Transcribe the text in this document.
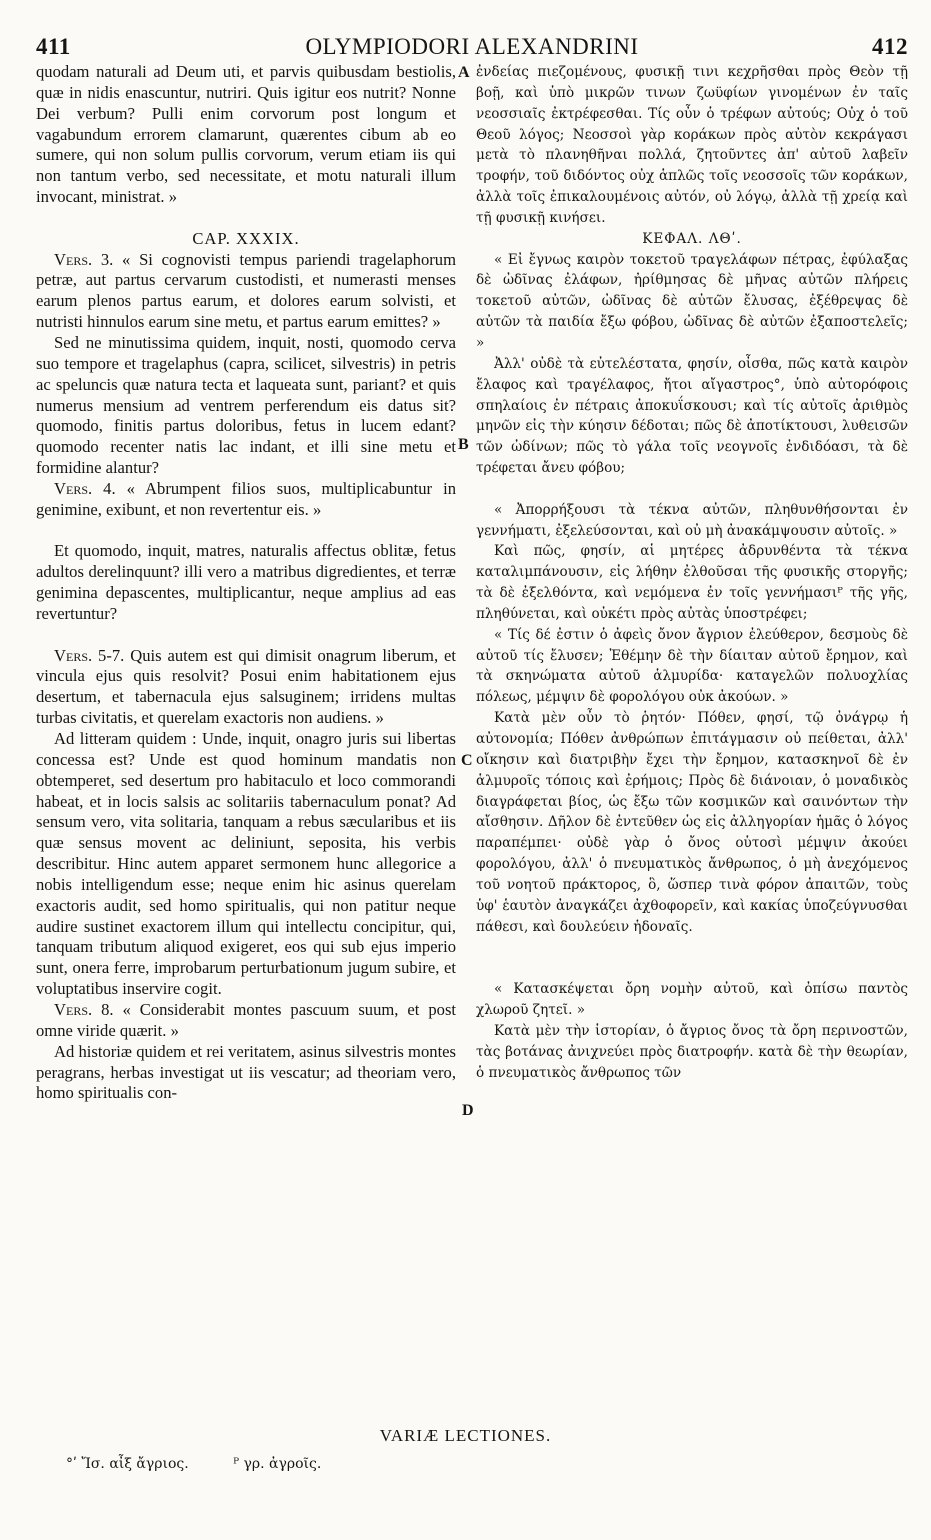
411	OLYMPIODORI ALEXANDRINI	412

quodam naturali ad Deum uti, et parvis quibusdam bestiolis, quæ in nidis enascuntur, nutriri. Quis igitur eos nutrit? Nonne Dei verbum? Pulli enim corvorum post longum et vagabundum errorem clamarunt, quærentes cibum ab eo sumere, qui non solum pullis corvorum, verum etiam iis qui non tantum verbo, sed necessitate, et motu naturali illum invocant, ministrat. »

CAP. XXXIX.

Vers. 3. « Si cognovisti tempus pariendi tragelaphorum petræ, aut partus cervarum custodisti, et numerasti menses earum plenos partus earum, et dolores earum solvisti, et nutristi hinnulos earum sine metu, et partus earum emittes? »

Sed ne minutissima quidem, inquit, nosti, quomodo cerva suo tempore et tragelaphus (capra, scilicet, silvestris) in petris ac speluncis quæ natura tecta et laqueata sunt, pariant? et quis numerus mensium ad ventrem perferendum eis datus sit? quomodo, finitis partus doloribus, fetus in lucem edant? quomodo recenter natis lac indant, et illi sine metu et formidine alantur?

Vers. 4. « Abrumpent filios suos, multiplicabuntur in genimine, exibunt, et non revertentur eis. »

Et quomodo, inquit, matres, naturalis affectus oblitæ, fetus adultos derelinquunt? illi vero a matribus digredientes, et terræ genimina depascentes, multiplicantur, neque amplius ad eas revertuntur?

Vers. 5-7. Quis autem est qui dimisit onagrum liberum, et vincula ejus quis resolvit? Posui enim habitationem ejus desertum, et tabernacula ejus salsuginem; irridens multas turbas civitatis, et querelam exactoris non audiens. »

Ad litteram quidem : Unde, inquit, onagro juris sui libertas concessa est? Unde est quod hominum mandatis non obtemperet, sed desertum pro habitaculo et loco commorandi habeat, et in locis salsis ac solitariis tabernaculum ponat? Ad sensum vero, vita solitaria, tanquam a rebus sæcularibus et iis quæ sensus movent ac deliniunt, seposita, his verbis describitur. Hinc autem apparet sermonem hunc allegorice a nobis intelligendum esse; neque enim hic asinus querelam exactoris audit, sed homo spiritualis, qui non patitur neque audire sustinet exactorem illum qui intellectu concipitur, qui, tanquam tributum aliquod exigeret, eos qui sub ejus imperio sunt, onera ferre, improbarum perturbationum jugum subire, et voluptatibus inservire cogit.

Vers. 8. « Considerabit montes pascuum suum, et post omne viride quærit. »

Ad historiæ quidem et rei veritatem, asinus silvestris montes peragrans, herbas investigat ut iis vescatur; ad theoriam vero, homo spiritualis con-

A
B
C
D

ἐνδείας πιεζομένους, φυσικῇ τινι κεχρῆσθαι πρὸς Θεὸν τῇ βοῇ, καὶ ὑπὸ μικρῶν τινων ζωϋφίων γινομένων ἐν ταῖς νεοσσιαῖς ἐκτρέφεσθαι. Τίς οὖν ὁ τρέφων αὐτούς; Οὐχ ὁ τοῦ Θεοῦ λόγος; Νεοσσοὶ γὰρ κοράκων πρὸς αὐτὸν κεκράγασι μετὰ τὸ πλανηθῆναι πολλά, ζητοῦντες ἀπ' αὐτοῦ λαβεῖν τροφήν, τοῦ διδόντος οὐχ ἁπλῶς τοῖς νεοσσοῖς τῶν κοράκων, ἀλλὰ τοῖς ἐπικαλουμένοις αὐτόν, οὐ λόγῳ, ἀλλὰ τῇ χρείᾳ καὶ τῇ φυσικῇ κινήσει.

ΚΕΦΑΛ. ΛΘʹ.

« Εἰ ἔγνως καιρὸν τοκετοῦ τραγελάφων πέτρας, ἐφύλαξας δὲ ὠδῖνας ἐλάφων, ἠρίθμησας δὲ μῆνας αὐτῶν πλήρεις τοκετοῦ αὐτῶν, ὠδῖνας δὲ αὐτῶν ἔλυσας, ἐξέθρεψας δὲ αὐτῶν τὰ παιδία ἔξω φόβου, ὠδῖνας δὲ αὐτῶν ἐξαποστελεῖς; »

Ἀλλ' οὐδὲ τὰ εὐτελέστατα, φησίν, οἶσθα, πῶς κατὰ καιρὸν ἔλαφος καὶ τραγέλαφος, ἤτοι αἴγαστρος°, ὑπὸ αὐτορόφοις σπηλαίοις ἐν πέτραις ἀποκυΐσκουσι; καὶ τίς αὐτοῖς ἀριθμὸς μηνῶν εἰς τὴν κύησιν δέδοται; πῶς δὲ ἀποτίκτουσι, λυθεισῶν τῶν ὠδίνων; πῶς τὸ γάλα τοῖς νεογνοῖς ἐνδιδόασι, τὰ δὲ τρέφεται ἄνευ φόβου;

« Ἀπορρήξουσι τὰ τέκνα αὐτῶν, πληθυνθήσονται ἐν γεννήματι, ἐξελεύσονται, καὶ οὐ μὴ ἀνακάμψουσιν αὐτοῖς. »

Καὶ πῶς, φησίν, αἱ μητέρες ἀδρυνθέντα τὰ τέκνα καταλιμπάνουσιν, εἰς λήθην ἐλθοῦσαι τῆς φυσικῆς στοργῆς; τὰ δὲ ἐξελθόντα, καὶ νεμόμενα ἐν τοῖς γεννήμασιᴾ τῆς γῆς, πληθύνεται, καὶ οὐκέτι πρὸς αὐτὰς ὑποστρέφει;

« Τίς δέ ἐστιν ὁ ἀφεὶς ὄνον ἄγριον ἐλεύθερον, δεσμοὺς δὲ αὐτοῦ τίς ἔλυσεν; Ἐθέμην δὲ τὴν δίαιταν αὐτοῦ ἔρημον, καὶ τὰ σκηνώματα αὐτοῦ ἁλμυρίδα· καταγελῶν πολυοχλίας πόλεως, μέμψιν δὲ φορολόγου οὐκ ἀκούων. »

Κατὰ μὲν οὖν τὸ ῥητόν· Πόθεν, φησί, τῷ ὀνάγρῳ ἡ αὐτονομία; Πόθεν ἀνθρώπων ἐπιτάγμασιν οὐ πείθεται, ἀλλ' οἴκησιν καὶ διατριβὴν ἔχει τὴν ἔρημον, κατασκηνοῖ δὲ ἐν ἁλμυροῖς τόποις καὶ ἐρήμοις; Πρὸς δὲ διάνοιαν, ὁ μοναδικὸς διαγράφεται βίος, ὡς ἔξω τῶν κοσμικῶν καὶ σαινόντων τὴν αἴσθησιν. Δῆλον δὲ ἐντεῦθεν ὡς εἰς ἀλληγορίαν ἡμᾶς ὁ λόγος παραπέμπει· οὐδὲ γὰρ ὁ ὄνος οὑτοσὶ μέμψιν ἀκούει φορολόγου, ἀλλ' ὁ πνευματικὸς ἄνθρωπος, ὁ μὴ ἀνεχόμενος τοῦ νοητοῦ πράκτορος, ὃ, ὥσπερ τινὰ φόρον ἀπαιτῶν, τοὺς ὑφ' ἑαυτὸν ἀναγκάζει ἀχθοφορεῖν, καὶ κακίας ὑποζεύγνυσθαι πάθεσι, καὶ δουλεύειν ἡδοναῖς.

« Κατασκέψεται ὄρη νομὴν αὐτοῦ, καὶ ὀπίσω παντὸς χλωροῦ ζητεῖ. »

Κατὰ μὲν τὴν ἱστορίαν, ὁ ἄγριος ὄνος τὰ ὄρη περινοστῶν, τὰς βοτάνας ἀνιχνεύει πρὸς διατροφήν. κατὰ δὲ τὴν θεωρίαν, ὁ πνευματικὸς ἄνθρωπος τῶν

VARIÆ LECTIONES.
°ʹ Ἴσ. αἶξ ἄγριος.	ᴾ γρ. ἀγροῖς.
